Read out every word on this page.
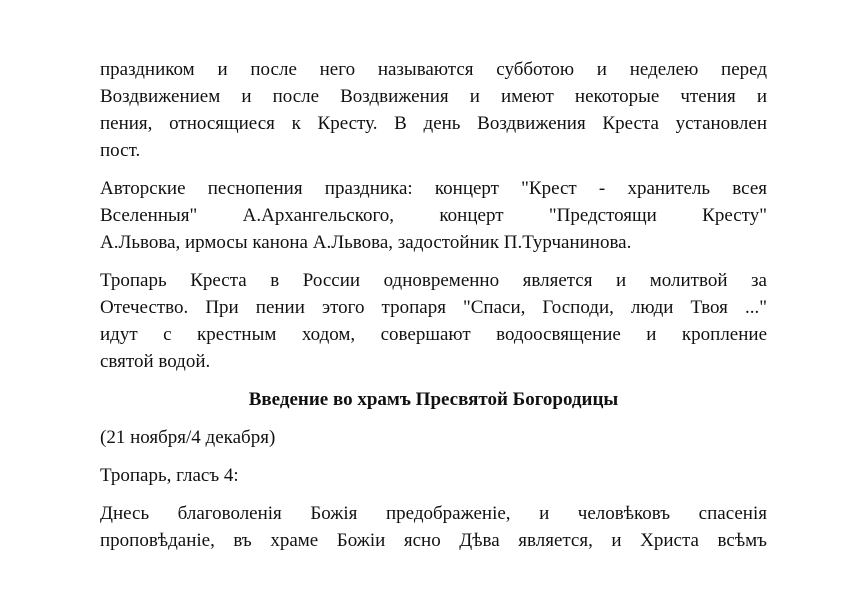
праздником и после него называются субботою и неделею перед
Воздвижением и после Воздвижения и имеют некоторые чтения и
пения, относящиеся к Кресту. В день Воздвижения Креста установлен
пост.

Авторские песнопения праздника: концерт "Крест - хранитель всея
Вселенныя" А.Архангельского, концерт "Предстоящи Кресту"
А.Львова, ирмосы канона А.Львова, задостойник П.Турчанинова.

Тропарь Креста в России одновременно является и молитвой за
Отечество. При пении этого тропаря "Спаси, Господи, люди Твоя ..."
идут с крестным ходом, совершают водоосвящение и кропление
святой водой.

Введение во храмъ Пресвятой Богородицы

(21 ноября/4 декабря)

Тропарь, гласъ 4:

Днесь благоволенія Божія предображеніе, и человѣковъ спасенія
проповѣданіе, въ храме Божіи ясно Дѣва является, и Христа всѣмъ
